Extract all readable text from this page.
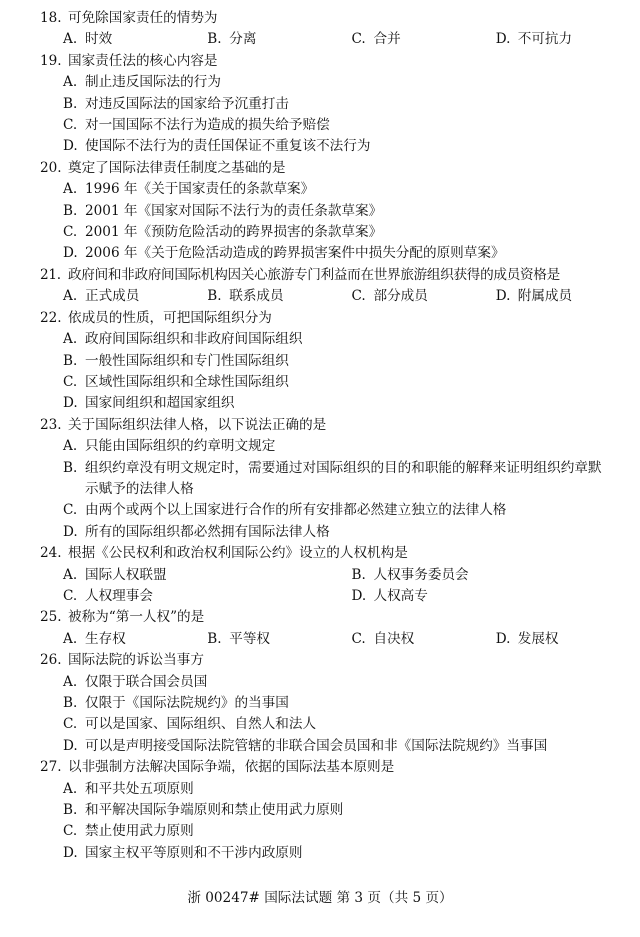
18. 可免除国家责任的情势为
A. 时效	B. 分离	C. 合并	D. 不可抗力
19. 国家责任法的核心内容是
A. 制止违反国际法的行为
B. 对违反国际法的国家给予沉重打击
C. 对一国国际不法行为造成的损失给予赔偿
D. 使国际不法行为的责任国保证不重复该不法行为
20. 奠定了国际法律责任制度之基础的是
A. 1996 年《关于国家责任的条款草案》
B. 2001 年《国家对国际不法行为的责任条款草案》
C. 2001 年《预防危险活动的跨界损害的条款草案》
D. 2006 年《关于危险活动造成的跨界损害案件中损失分配的原则草案》
21. 政府间和非政府间国际机构因关心旅游专门利益而在世界旅游组织获得的成员资格是
A. 正式成员	B. 联系成员	C. 部分成员	D. 附属成员
22. 依成员的性质，可把国际组织分为
A. 政府间国际组织和非政府间国际组织
B. 一般性国际组织和专门性国际组织
C. 区域性国际组织和全球性国际组织
D. 国家间组织和超国家组织
23. 关于国际组织法律人格，以下说法正确的是
A. 只能由国际组织的约章明文规定
B. 组织约章没有明文规定时，需要通过对国际组织的目的和职能的解释来证明组织约章默示赋予的法律人格
C. 由两个或两个以上国家进行合作的所有安排都必然建立独立的法律人格
D. 所有的国际组织都必然拥有国际法律人格
24. 根据《公民权利和政治权利国际公约》设立的人权机构是
A. 国际人权联盟	B. 人权事务委员会
C. 人权理事会	D. 人权高专
25. 被称为“第一人权”的是
A. 生存权	B. 平等权	C. 自决权	D. 发展权
26. 国际法院的诉讼当事方
A. 仅限于联合国会员国
B. 仅限于《国际法院规约》的当事国
C. 可以是国家、国际组织、自然人和法人
D. 可以是声明接受国际法院管辖的非联合国会员国和非《国际法院规约》当事国
27. 以非强制方法解决国际争端，依据的国际法基本原则是
A. 和平共处五项原则
B. 和平解决国际争端原则和禁止使用武力原则
C. 禁止使用武力原则
D. 国家主权平等原则和不干涉内政原则
浙 00247# 国际法试题 第 3 页（共 5 页）
